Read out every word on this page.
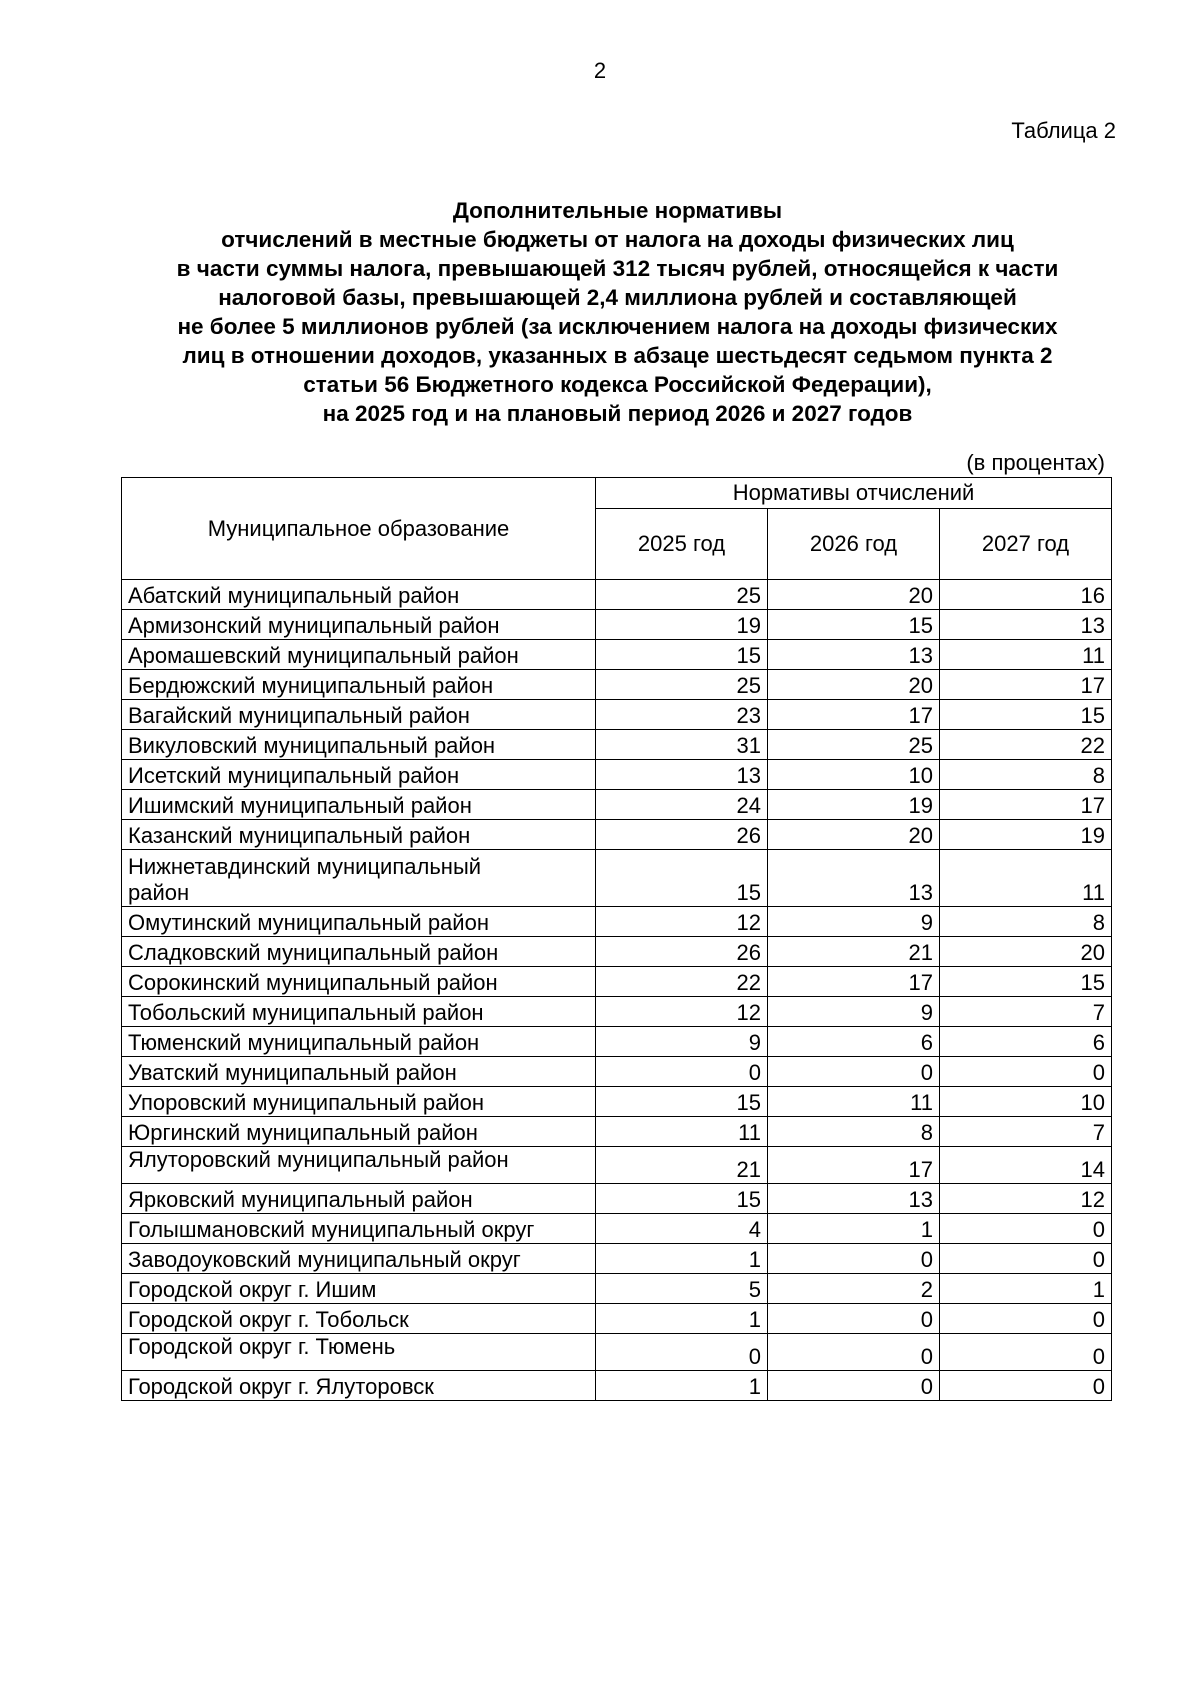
2
Таблица 2
Дополнительные нормативы
отчислений в местные бюджеты от налога на доходы физических лиц
в части суммы налога, превышающей 312 тысяч рублей, относящейся к части
налоговой базы, превышающей 2,4 миллиона рублей и составляющей
не более 5 миллионов рублей (за исключением налога на доходы физических
лиц в отношении доходов, указанных в абзаце шестьдесят седьмом пункта 2
статьи 56 Бюджетного кодекса Российской Федерации),
на 2025 год и на плановый период 2026 и 2027 годов
(в процентах)
Муниципальное образование	Нормативы отчислений		
	2025 год	2026 год	2027 год
Абатский муниципальный район	25	20	16
Армизонский муниципальный район	19	15	13
Аромашевский муниципальный район	15	13	11
Бердюжский муниципальный район	25	20	17
Вагайский муниципальный район	23	17	15
Викуловский муниципальный район	31	25	22
Исетский муниципальный район	13	10	8
Ишимский муниципальный район	24	19	17
Казанский муниципальный район	26	20	19
Нижнетавдинский муниципальный
район	15	13	11
Омутинский муниципальный район	12	9	8
Сладковский муниципальный район	26	21	20
Сорокинский муниципальный район	22	17	15
Тобольский муниципальный район	12	9	7
Тюменский муниципальный район	9	6	6
Уватский муниципальный район	0	0	0
Упоровский муниципальный район	15	11	10
Юргинский муниципальный район	11	8	7
Ялуторовский муниципальный район	21	17	14
Ярковский муниципальный район	15	13	12
Голышмановский муниципальный округ	4	1	0
Заводоуковский муниципальный округ	1	0	0
Городской округ г. Ишим	5	2	1
Городской округ г. Тобольск	1	0	0
Городской округ г. Тюмень	0	0	0
Городской округ г. Ялуторовск	1	0	0
